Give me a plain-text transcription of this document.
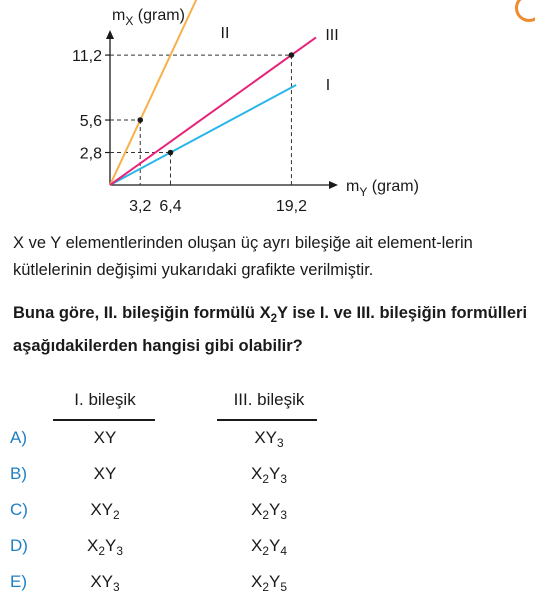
3,2 6,4	19,2
11,2
5,6
2,8
I
II	III
$m_X$ (gram)
$m_Y$ (gram)
X ve Y elementlerinden oluşan üç ayrı bileşiğe ait element-lerin kütlelerinin değişimi yukarıdaki grafikte verilmiştir.
Buna göre, II. bileşiğin formülü $X_2Y$ ise I. ve III. bileşiğin formülleri aşağıdakilerden hangisi gibi olabilir?
I. bileşik	III. bileşik
A)	XY	$XY_3$
B)	XY	$X_2Y_3$
C)	$XY_2$	$X_2Y_3$
D)	$X_2Y_3$	$X_2Y_4$
E)	$XY_3$	$X_2Y_5$
